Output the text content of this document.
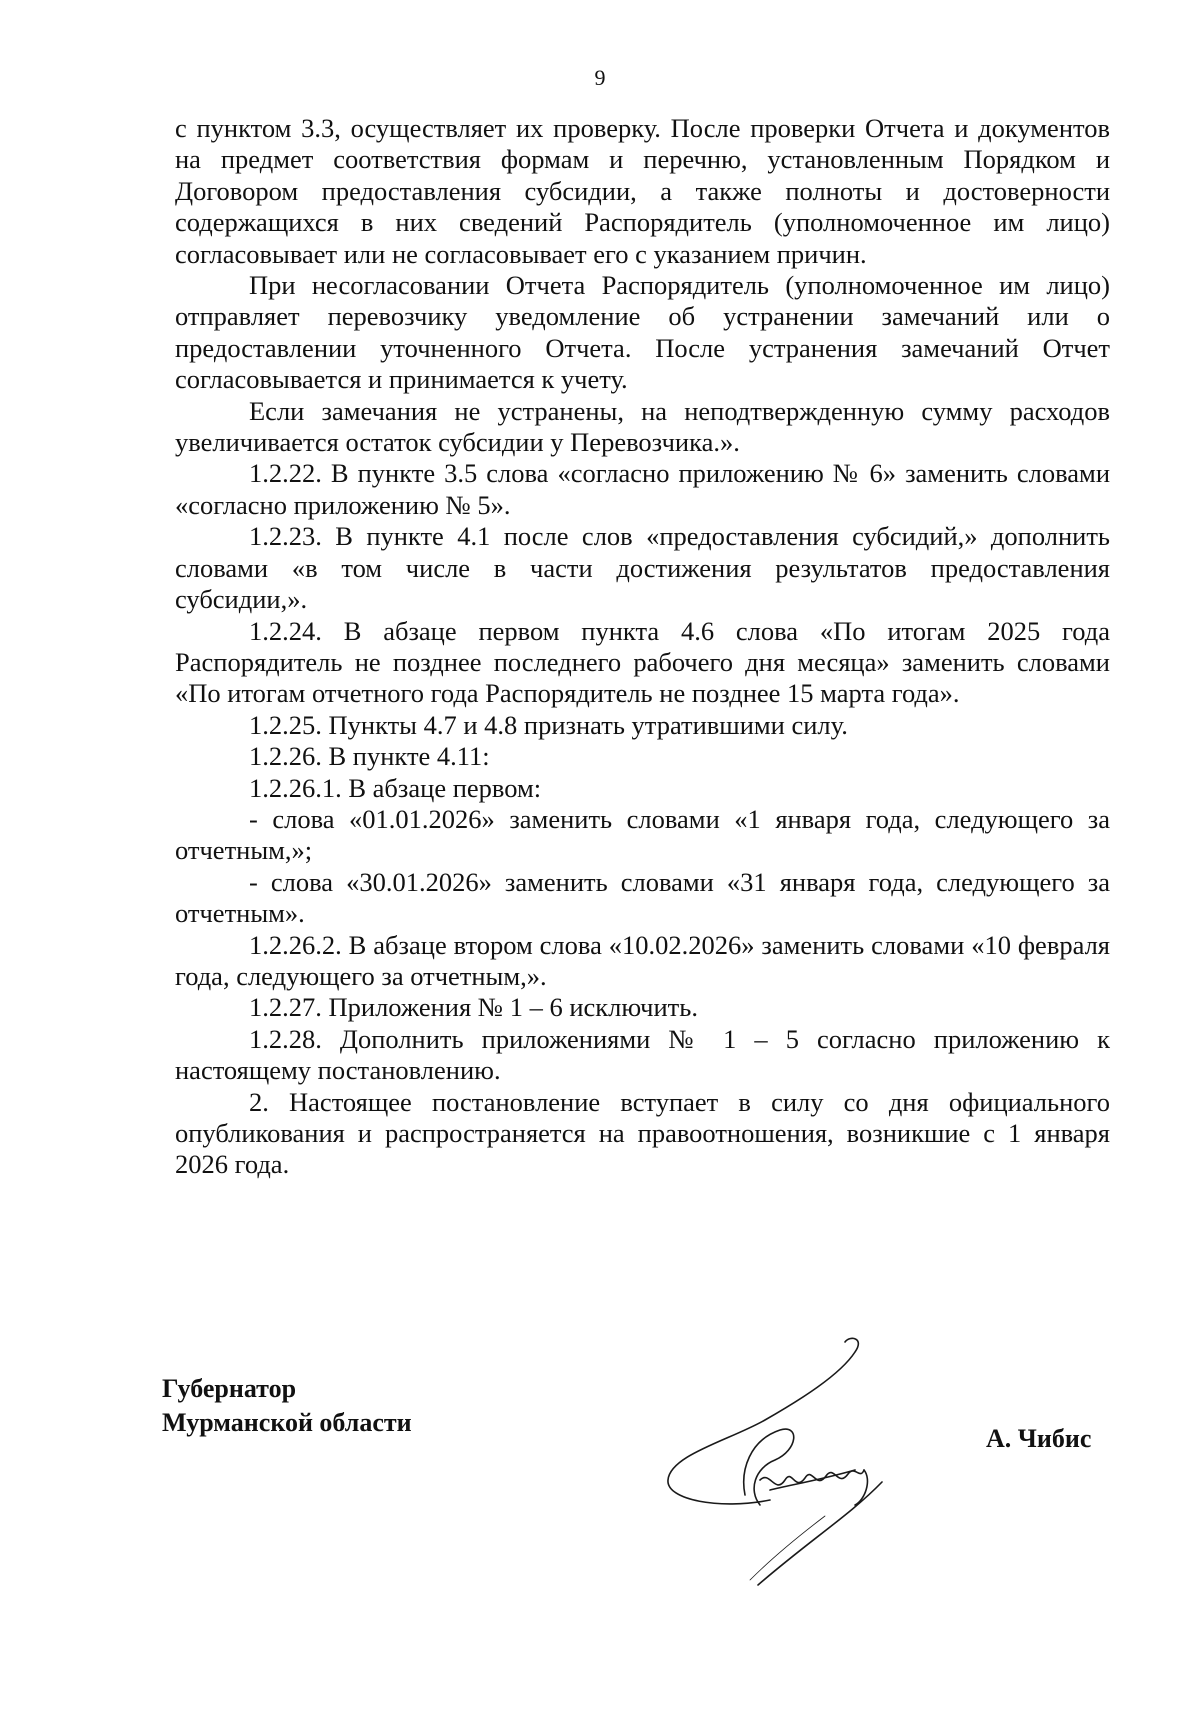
9

с пунктом 3.3, осуществляет их проверку. После проверки Отчета и документов на предмет соответствия формам и перечню, установленным Порядком и Договором предоставления субсидии, а также полноты и достоверности содержащихся в них сведений Распорядитель (уполномоченное им лицо) согласовывает или не согласовывает его с указанием причин.

При несогласовании Отчета Распорядитель (уполномоченное им лицо) отправляет перевозчику уведомление об устранении замечаний или о предоставлении уточненного Отчета. После устранения замечаний Отчет согласовывается и принимается к учету.

Если замечания не устранены, на неподтвержденную сумму расходов увеличивается остаток субсидии у Перевозчика.».

1.2.22. В пункте 3.5 слова «согласно приложению № 6» заменить словами «согласно приложению № 5».

1.2.23. В пункте 4.1 после слов «предоставления субсидий,» дополнить словами «в том числе в части достижения результатов предоставления субсидии,».

1.2.24. В абзаце первом пункта 4.6 слова «По итогам 2025 года Распорядитель не позднее последнего рабочего дня месяца» заменить словами «По итогам отчетного года Распорядитель не позднее 15 марта года».

1.2.25. Пункты 4.7 и 4.8 признать утратившими силу.

1.2.26. В пункте 4.11:

1.2.26.1. В абзаце первом:

- слова «01.01.2026» заменить словами «1 января года, следующего за отчетным,»;

- слова «30.01.2026» заменить словами «31 января года, следующего за отчетным».

1.2.26.2. В абзаце втором слова «10.02.2026» заменить словами «10 февраля года, следующего за отчетным,».

1.2.27. Приложения № 1 – 6 исключить.

1.2.28. Дополнить приложениями № 1 – 5 согласно приложению к настоящему постановлению.

2. Настоящее постановление вступает в силу со дня официального опубликования и распространяется на правоотношения, возникшие с 1 января 2026 года.

Губернатор
Мурманской области
А. Чибис
